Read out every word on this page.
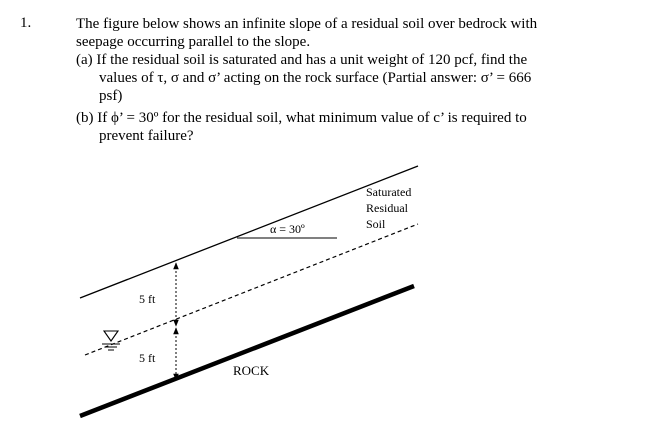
1.	The figure below shows an infinite slope of a residual soil over bedrock with
seepage occurring parallel to the slope.
(a) If the residual soil is saturated and has a unit weight of 120 pcf, find the
values of τ, σ and σ’ acting on the rock surface (Partial answer: σ’ = 666
psf)
(b) If ϕ’ = 30º for the residual soil, what minimum value of c’ is required to
prevent failure?
α = 30º
Saturated
Residual
Soil
5 ft
5 ft
ROCK
